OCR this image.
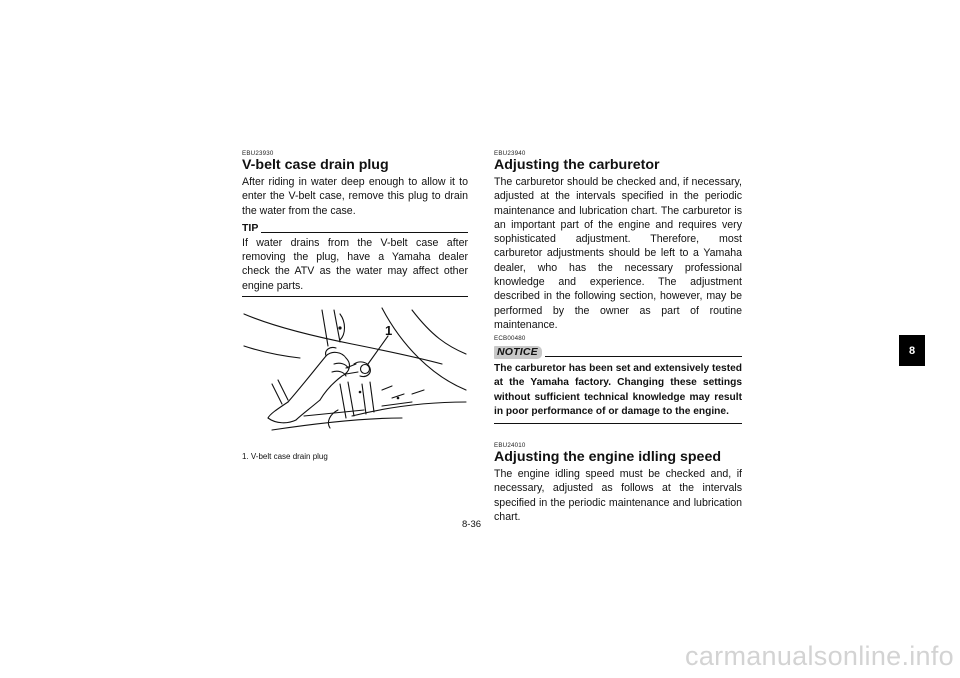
EBU23930
V-belt case drain plug

After riding in water deep enough to allow it to enter the V-belt case, remove this plug to drain the water from the case.

TIP

If water drains from the V-belt case after removing the plug, have a Yamaha dealer check the ATV as the water may affect other engine parts.

1
1. V-belt case drain plug
EBU23940
Adjusting the carburetor

The carburetor should be checked and, if necessary, adjusted at the intervals specified in the periodic maintenance and lubrication chart. The carburetor is an important part of the engine and requires very sophisticated adjustment. Therefore, most carburetor adjustments should be left to a Yamaha dealer, who has the necessary professional knowledge and experience. The adjustment described in the following section, however, may be performed by the owner as part of routine maintenance.

ECB00480
NOTICE

The carburetor has been set and extensively tested at the Yamaha factory. Changing these settings without sufficient technical knowledge may result in poor performance of or damage to the engine.

EBU24010
Adjusting the engine idling speed

The engine idling speed must be checked and, if necessary, adjusted as follows at the intervals specified in the periodic maintenance and lubrication chart.

8
8-36
carmanualsonline.info
